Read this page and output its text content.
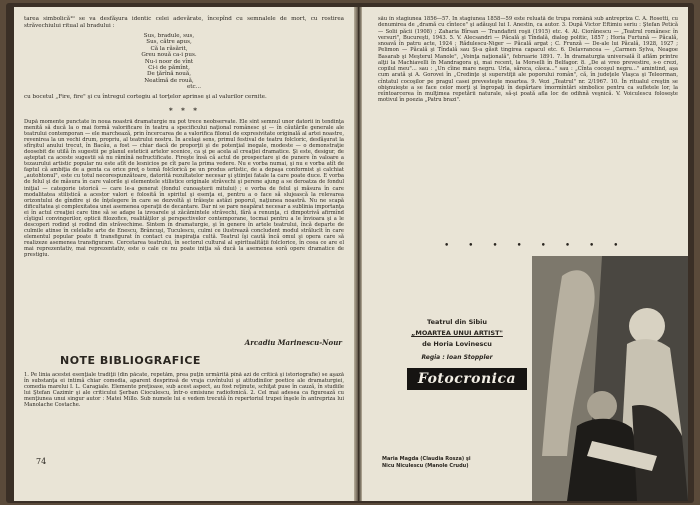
tarea simbolică¹⁰ se va desfăşura identic celei adevărate, începînd cu semnalele de mort, cu rostirea străvechiului ritual al bradului :
Sus, bradule, sus,
Sus, către apus,
Că la răsărit,
Greu nouă ca-i pus.
Nu-i noor de vînt
Ci-i de pămînt,
De ţărînă nouă,
Neatîmă de rouă,
etc...
cu bocetul „Fire, fire" şi cu întregul cortegiu al torţelor aprinse şi al valurilor cernite.
* * *
După momente punctate în noua noastră dramaturgie nu pot trece neobservate. Ele sînt semnul unor datorii în tendinţa menită să ducă la o mai formă valorificare în teatru a specificului naţional românesc şi — în căutările generale ale teatrului contemporan — ele marchează, prin încercarea de a valorifica filonul de expresivitate originală al artei noastre, revenirea la un vechi drum, propriu, al teatrului nostru. În acelaşi sens, primul festival de teatru folcloric, desfăşurat la sfîrşitul anului trecut, în Bacău, a fost — chiar dacă de proporţii şi de potenţial inegale, modeste — o demonstraţie deosebit de utilă în sugestii pe planul esteticii artelor scenice, ca şi pe acela al creaţiei dramatice. Şi este, desigur, de aşteptat ca aceste sugestii să nu rămînă nefructificate. Fireşte însă că actul de prospectare şi de punere în valoare a tezaurului artistic popular nu este atît de lesnicios pe cît pare la prima vedere. Nu e vorba numai, şi nu e vorba atît de faptul că ambiţia de a genta ca orice preţ o temă folclorică pe un produs artistic, de a depaşa conformist şi calchiat „autohtonul", este cu totul necorespunzătoare, datorită rezultatelor necesar şi ştiinţei fatale la care poate duce. E vorba de felul şi de măsura în care valorile şi elementele stilistice originale străvechi şi perene ajung a se deroatza de fondul iniţial — categorie istorică — care le-a generat (fondul cunoaşterii mitului) ; e vorba de felul şi măsura în care modalitatea stilistică a acestor valori e folosită în spiritul şi esenţa ei, pentru a o face să slujească la relevarea orizontului de gîndire şi de înţelegere în care se dezvoltă şi trăieşte astăzi poporul, naţiunea noastră. Nu ne scapă dificultatea şi complexitatea unei asemenea operaţii de decantare. Dar ni se pare neapărat necesar a sublinia importanţa ei în actul creaţiei care tine să se adape la izvoarele şi zăcămintele străvechi, fără a renunţa, ci dimpotrivă afirmînd cîştigul convingerilor, opticii filozofice, realităţilor şi perspectivelor contemporane, tocmai pentru a le învioara şi a le descoperi rodind şi rodind din străvechime. Sintem în dramaturgie, şi în genere în artele teatrului, încă departe de culmile atinse în celelalte arte de Enescu, Brâncuşi, Tuculescu, culmi ce ilustrează concludent modul străluclt în care elementul popular poate fi transfigurat în contact cu inspiraţia cultă. Teatrul îşi caută încă omul şi opera care să realizeze asemenea transfigurare. Cercetarea teatrului, în sectorul cultural al spiritualităţii folclorice, în ceea ce are el mai reprezentativ, mai reprezentativ, este o cale ce nu poate iniţia să ducă la asemenea soră opere dramatice de prestigiu.
Arcadiu Marinescu-Nour
NOTE BIBLIOGRAFICE
1. Pe linia acestei esenţiale tradiţii (din păcate, repetăm, prea puţin urmărită pînă azi de critică şi istoriografie) se aşază în substanţa ei intimă chiar comedia, aparent desprinsă de vraja cuvîntului şi atitudinilor poetice ale dramaturgiei, comedia marelui I. L. Caragiale. Elemente preţioase, sub acest aspect, au fost reţinute, schiţat pusе în cauză, în studiile lui Ştefan Cazimir şi ale criticului Şerban Cioculescu, într-o emisiune radiofonică. 2. Cel mai adesea ca figurează cu menţiunea unui singur autor : Matei Millo. Sub numele lui e vedem trecută în repertoriul trupei înşele în antreprizа lui Manolache Costache.
74
său în stagiunea 1856—57. În stagiunea 1858—59 este reluată de trupa română sub antrepriza C. A. Rosetti, cu denumirea de „dramă cu cîntece" şi adăuşul lui I. Anestin, ca autor. 3. După Victor Eftimiu seriu : Ştefan Petică — Solii păcii (1908) ; Zaharia Bîrsan — Trandafirii roşii (1915) etc. 4. Al. Ciorănescu — „Teatrul românesc în versuri", Bucureşti, 1943. 5. V. Alecsandri — Păcală şi Tîndală, dialog politic, 1857 ; Horia Furtună — Păcală, snoavă în patru acte, 1924 ; Rădulescu-Niger — Păcală argat ; C. Frunză — De-ale lui Păcală, 1928, 1927 ; Pelimon — Păcală şi Tîndală sau Şi-a găsit tingirea capacul etc. 6. Delavrancea — „Carmen Sylva, Neagoe Basarab şi Meşterul Manole", „Voinţa naţională", februarie 1891. 7. În dramaturgia universală îl aflăm printre alţii la Machiavelli în Mandragora şi, mai recent, la Morselli în Belfagor. 8. „De ai vreo prevestire, s-o crezi, copilul meu"... sau : „Un cîine mare negru. Urla, săreca, căsca..." sau : „Cîntа cocoşul negru..." amintind, aşa cum arată şi A. Gorovei în „Credinţe şi superstiţii ale poporului român", că, în judeţele Vlaşca şi Teleorman, cîntatul cocoşilor pe pragul casei prevesteşte moartea. 9. Vezi „Teatrul" nr. 2/1967. 10. În ritualul creştin se obişnuieşte a se face celor morţi şi îngropaţi în depărtare îmormîntări simbolice pentru ca sufletele lor, la reîntoarcerea în mulţimea repetării naturale, să-şi poată afla loc de odihnă veşnică. V. Voiculescu foloseşte motivul în poezia „Patru brazi".
• • • • • • • •
Teatrul din Sibiu
„MOARTEA UNUI ARTIST"
de Horia Lovinescu
Regia : Ioan Stoppler
Fotocronica
Maria Magda (Claudia Rosza) şi
Nicu Niculescu (Manole Crudu)
